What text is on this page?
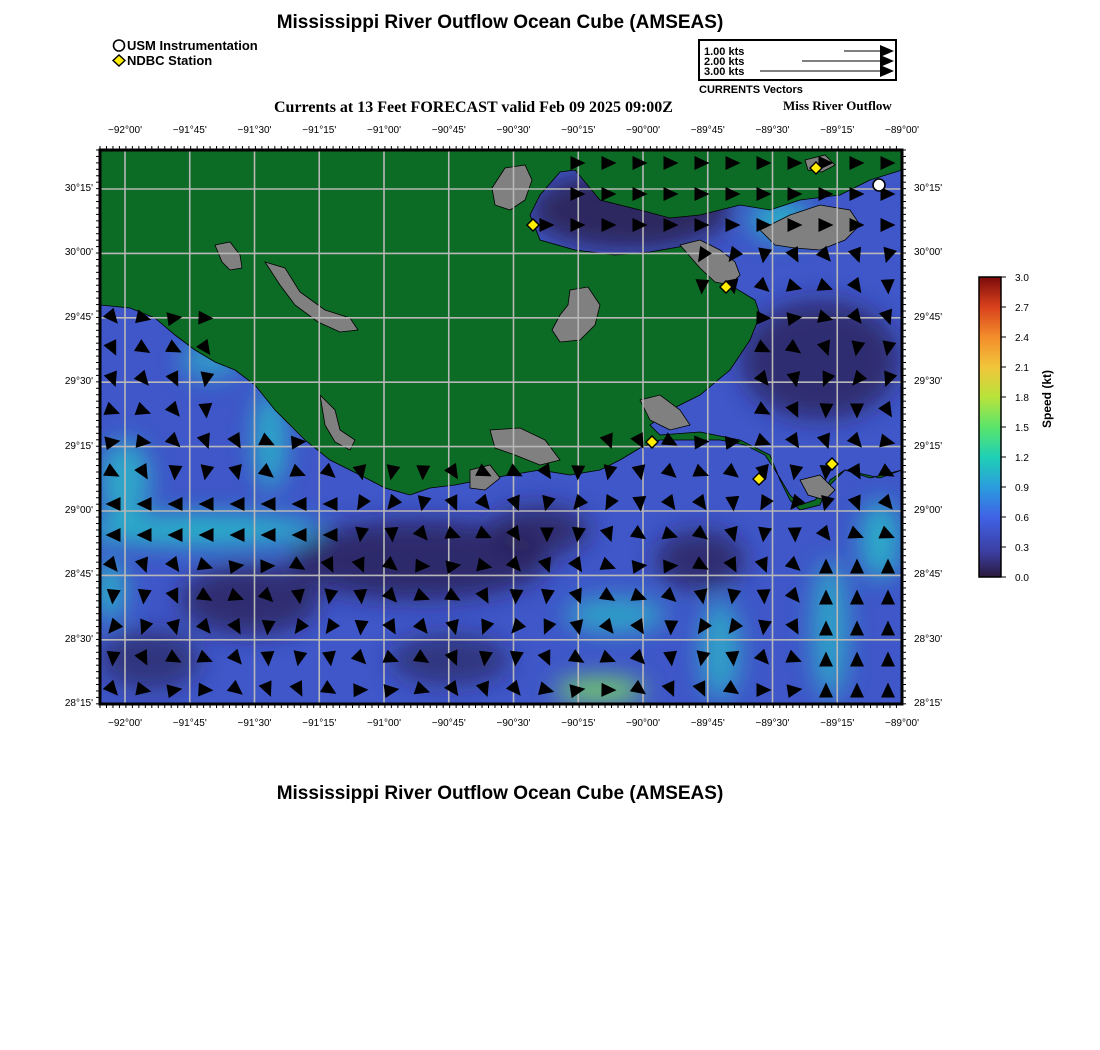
Mississippi River Outflow Ocean Cube (AMSEAS)
USM Instrumentation
NDBC Station
1.00 kts
2.00 kts
3.00 kts
CURRENTS Vectors
Currents at 13 Feet FORECAST valid Feb 09 2025 09:00Z	Miss River Outflow
−92°00'	−91°45'	−91°30'	−91°15'	−91°00'	−90°45'	−90°30'	−90°15'	−90°00'	−89°45'	−89°30'	−89°15'	−89°00'
−92°00'	−91°45'	−91°30'	−91°15'	−91°00'	−90°45'	−90°30'	−90°15'	−90°00'	−89°45'	−89°30'	−89°15'	−89°00'
30°15'
30°00'
29°45'
29°30'
29°15'
29°00'
28°45'
28°30'
28°15'
30°15'
30°00'
29°45'
29°30'
29°15'
29°00'
28°45'
28°30'
28°15'
3.0
2.7
2.4
2.1
1.8
1.5
1.2
0.9
0.6
0.3
0.0
Speed (kt)
Mississippi River Outflow Ocean Cube (AMSEAS)
